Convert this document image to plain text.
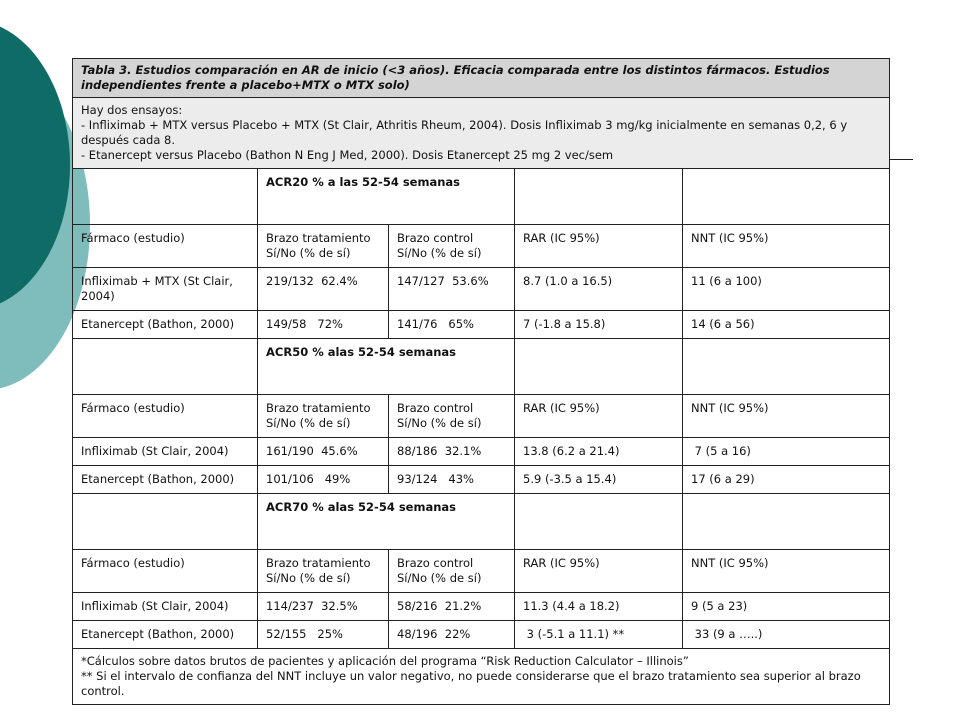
Tabla 3. Estudios comparación en AR de inicio (<3 años). Eficacia comparada entre los distintos fármacos. Estudios independientes frente a placebo+MTX o MTX solo)				

Hay dos ensayos:
- Infliximab + MTX versus Placebo + MTX (St Clair, Athritis Rheum, 2004). Dosis Infliximab 3 mg/kg inicialmente en semanas 0,2, 6 y después cada 8.
- Etanercept versus Placebo (Bathon N Eng J Med, 2000). Dosis Etanercept 25 mg 2 vec/sem				

	ACR20 % a las 52-54 semanas			
Fármaco (estudio)	Brazo tratamiento Sí/No (% de sí)	Brazo control Sí/No (% de sí)	RAR (IC 95%)	NNT (IC 95%)
Infliximab + MTX (St Clair, 2004)	219/132  62.4%	147/127  53.6%	8.7 (1.0 a 16.5)	11 (6 a 100)
Etanercept (Bathon, 2000)	149/58   72%	141/76   65%	7 (-1.8 a 15.8)	14 (6 a 56)
	ACR50 % alas 52-54 semanas			
Fármaco (estudio)	Brazo tratamiento Sí/No (% de sí)	Brazo control Sí/No (% de sí)	RAR (IC 95%)	NNT (IC 95%)
Infliximab (St Clair, 2004)	161/190  45.6%	88/186  32.1%	13.8 (6.2 a 21.4)	7 (5 a 16)
Etanercept (Bathon, 2000)	101/106   49%	93/124   43%	5.9 (-3.5 a 15.4)	17 (6 a 29)
	ACR70 % alas 52-54 semanas			
Fármaco (estudio)	Brazo tratamiento Sí/No (% de sí)	Brazo control Sí/No (% de sí)	RAR (IC 95%)	NNT (IC 95%)
Infliximab (St Clair, 2004)	114/237  32.5%	58/216  21.2%	11.3 (4.4 a 18.2)	9 (5 a 23)
Etanercept (Bathon, 2000)	52/155   25%	48/196  22%	3 (-5.1 a 11.1) **	33 (9 a …..)

*Cálculos sobre datos brutos de pacientes y aplicación del programa “Risk Reduction Calculator – Illinois”
** Si el intervalo de confianza del NNT incluye un valor negativo, no puede considerarse que el brazo tratamiento sea superior al brazo control.				
